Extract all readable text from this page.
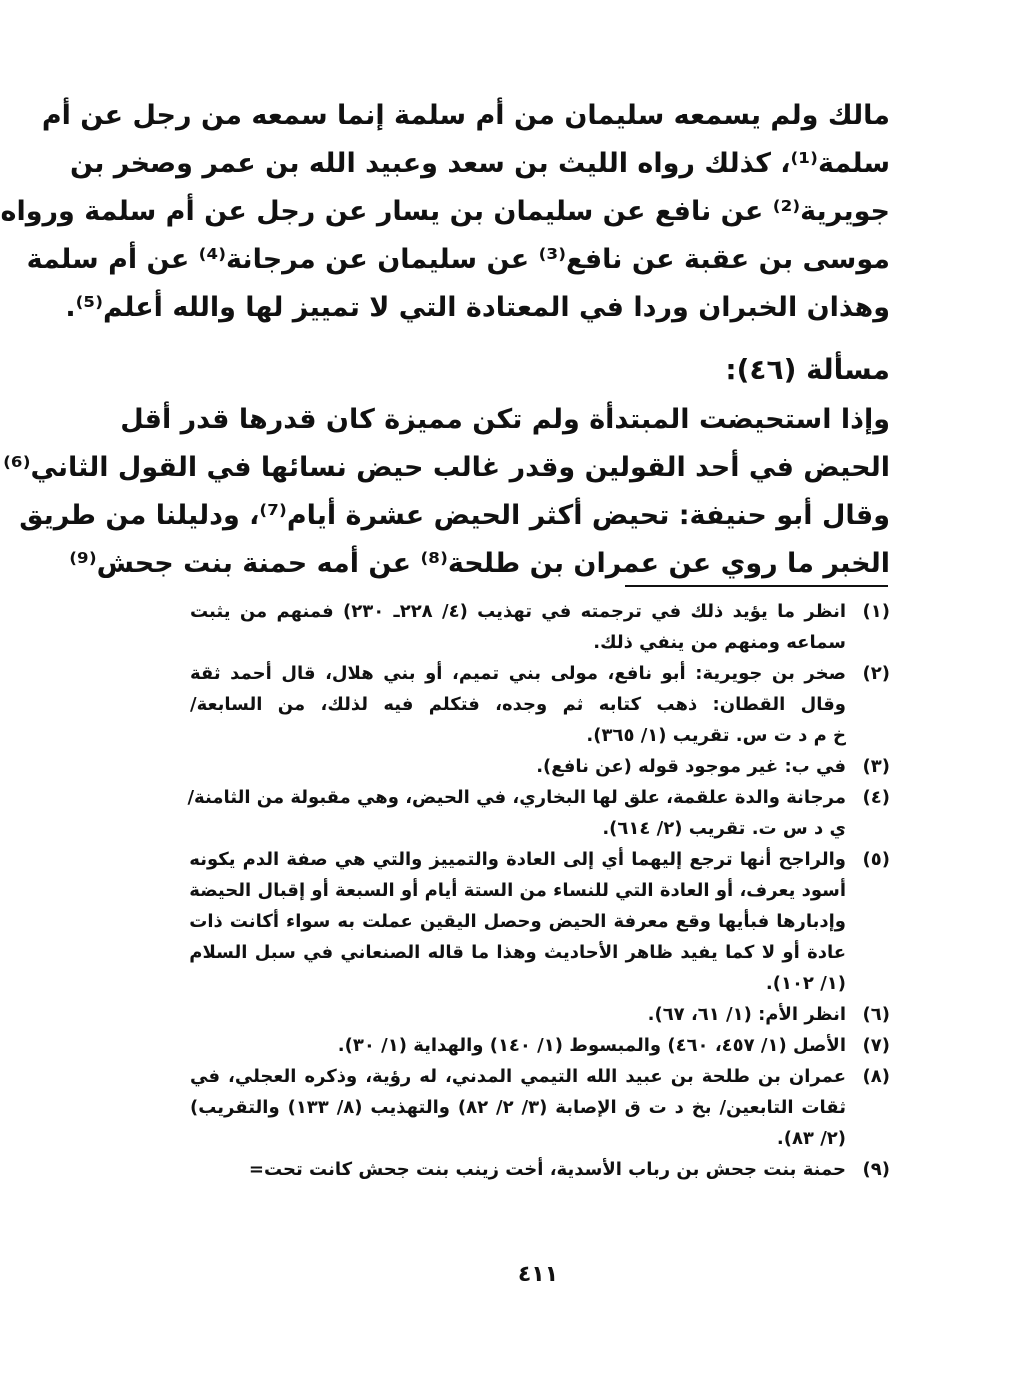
مالك ولم يسمعه سليمان من أم سلمة إنما سمعه من رجل عن أم
سلمة⁽¹⁾، كذلك رواه الليث بن سعد وعبيد الله بن عمر وصخر بن
جويرية⁽²⁾ عن نافع عن سليمان بن يسار عن رجل عن أم سلمة ورواه
موسى بن عقبة عن نافع⁽³⁾ عن سليمان عن مرجانة⁽⁴⁾ عن أم سلمة
وهذان الخبران وردا في المعتادة التي لا تمييز لها والله أعلم⁽⁵⁾.
مسألة (٤٦):
وإذا استحيضت المبتدأة ولم تكن مميزة كان قدرها قدر أقل
الحيض في أحد القولين وقدر غالب حيض نسائها في القول الثاني⁽⁶⁾
وقال أبو حنيفة: تحيض أكثر الحيض عشرة أيام⁽⁷⁾، ودليلنا من طريق
الخبر ما روي عن عمران بن طلحة⁽⁸⁾ عن أمه حمنة بنت جحش⁽⁹⁾
(١)
انظر ما يؤيد ذلك في ترجمته في تهذيب (٤/ ٢٢٨ـ ٢٣٠) فمنهم من يثبت
سماعه ومنهم من ينفي ذلك.
(٢)
صخر بن جويرية: أبو نافع، مولى بني تميم، أو بني هلال، قال أحمد ثقة
وقال القطان: ذهب كتابه ثم وجده، فتكلم فيه لذلك، من السابعة/
خ م د ت س. تقريب (١/ ٣٦٥).
(٣)
في ب: غير موجود قوله (عن نافع).
(٤)
مرجانة والدة علقمة، علق لها البخاري، في الحيض، وهي مقبولة من الثامنة/
ي د س ت. تقريب (٢/ ٦١٤).
(٥)
والراجح أنها ترجع إليهما أي إلى العادة والتمييز والتي هي صفة الدم يكونه
أسود يعرف، أو العادة التي للنساء من الستة أيام أو السبعة أو إقبال الحيضة
وإدبارها فبأيها وقع معرفة الحيض وحصل اليقين عملت به سواء أكانت ذات
عادة أو لا كما يفيد ظاهر الأحاديث وهذا ما قاله الصنعاني في سبل السلام
(١/ ١٠٢).
(٦)
انظر الأم: (١/ ٦١، ٦٧).
(٧)
الأصل (١/ ٤٥٧، ٤٦٠) والمبسوط (١/ ١٤٠) والهداية (١/ ٣٠).
(٨)
عمران بن طلحة بن عبيد الله التيمي المدني، له رؤية، وذكره العجلي، في
ثقات التابعين/ بخ د ت ق الإصابة (٣/ ٢/ ٨٢) والتهذيب (٨/ ١٣٣) والتقريب)
(٢/ ٨٣).
(٩)
حمنة بنت جحش بن رباب الأسدية، أخت زينب بنت جحش كانت تحت=
٤١١
